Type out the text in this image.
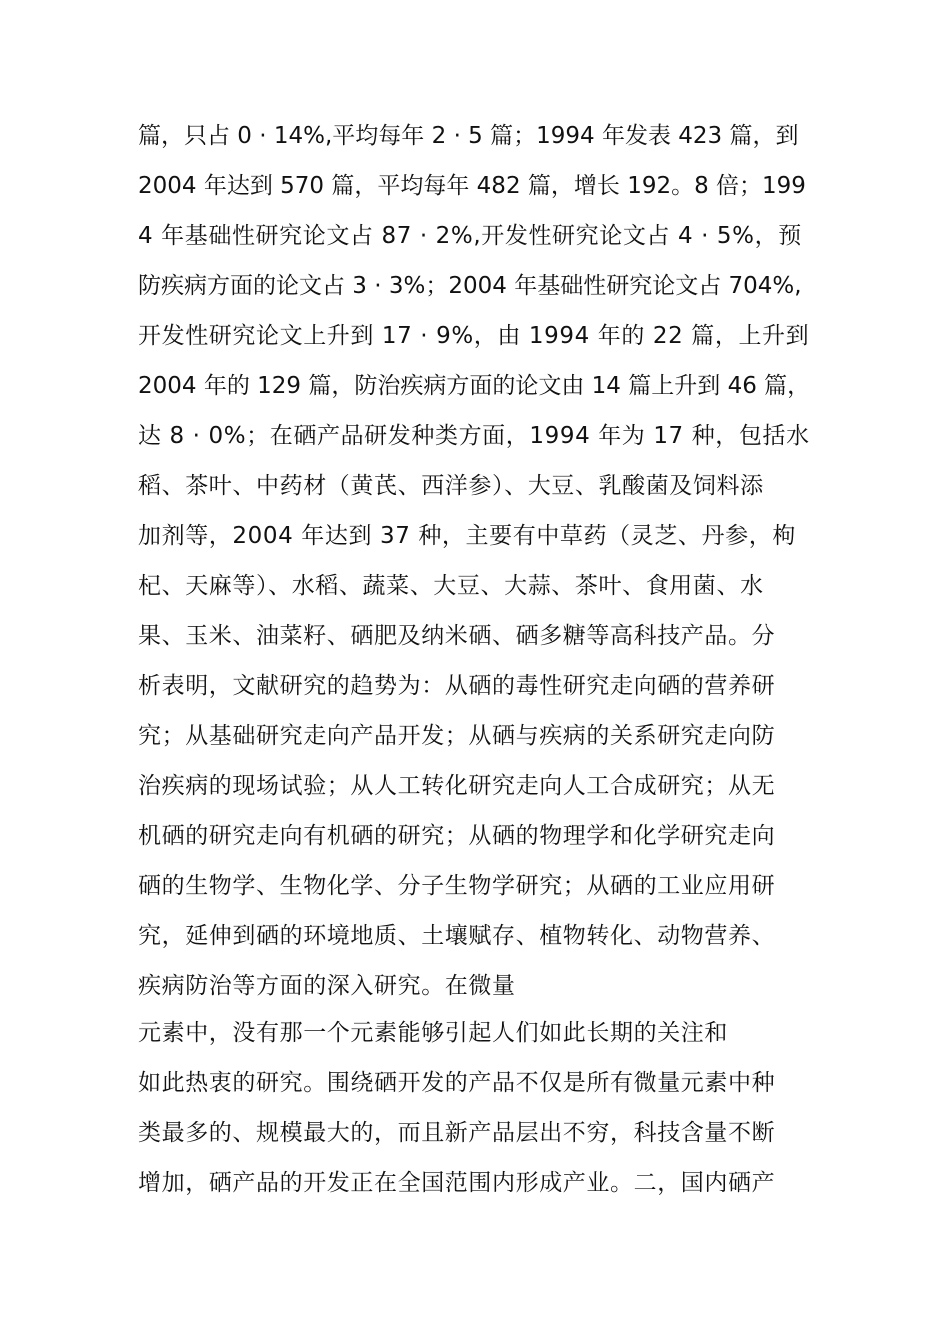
篇，只占 0 · 14%,平均每年 2 · 5 篇；1994 年发表 423 篇，到
2004 年达到 570 篇，平均每年 482 篇，增长 192。8 倍；199
4 年基础性研究论文占 87 · 2%,开发性研究论文占 4 · 5%，预
防疾病方面的论文占 3 · 3%；2004 年基础性研究论文占 704%,
开发性研究论文上升到 17 · 9%，由 1994 年的 22 篇，上升到
2004 年的 129 篇，防治疾病方面的论文由 14 篇上升到 46 篇，
达 8 · 0%；在硒产品研发种类方面，1994 年为 17 种，包括水
稻、茶叶、中药材（黄芪、西洋参）、大豆、乳酸菌及饲料添
加剂等，2004 年达到 37 种，主要有中草药（灵芝、丹参，枸
杞、天麻等）、水稻、蔬菜、大豆、大蒜、茶叶、食用菌、水
果、玉米、油菜籽、硒肥及纳米硒、硒多糖等高科技产品。分
析表明，文献研究的趋势为：从硒的毒性研究走向硒的营养研
究；从基础研究走向产品开发；从硒与疾病的关系研究走向防
治疾病的现场试验；从人工转化研究走向人工合成研究；从无
机硒的研究走向有机硒的研究；从硒的物理学和化学研究走向
硒的生物学、生物化学、分子生物学研究；从硒的工业应用研
究，延伸到硒的环境地质、土壤赋存、植物转化、动物营养、
疾病防治等方面的深入研究。在微量
元素中，没有那一个元素能够引起人们如此长期的关注和
如此热衷的研究。围绕硒开发的产品不仅是所有微量元素中种
类最多的、规模最大的，而且新产品层出不穷，科技含量不断
增加，硒产品的开发正在全国范围内形成产业。二，国内硒产
